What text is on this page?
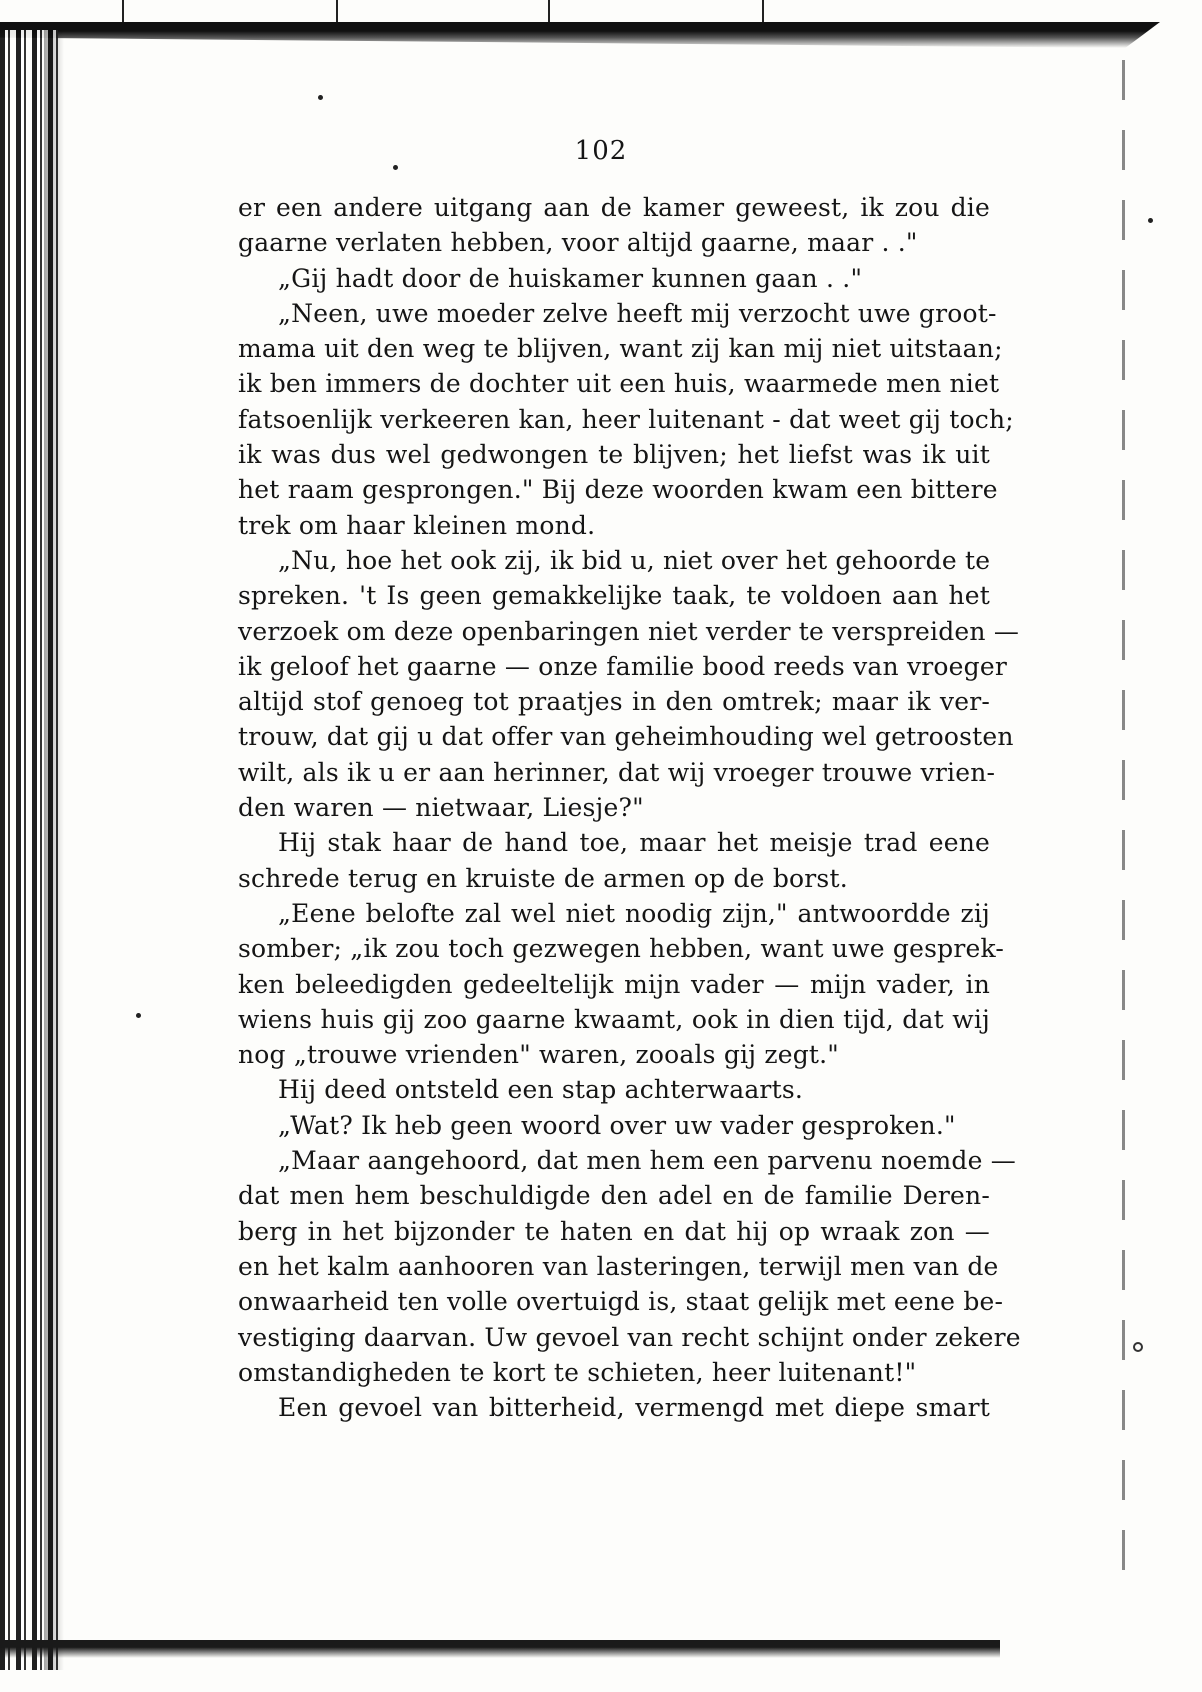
102
er een andere uitgang aan de kamer geweest, ik zou die
gaarne verlaten hebben, voor altijd gaarne, maar . ."
„Gij hadt door de huiskamer kunnen gaan . ."
„Neen, uwe moeder zelve heeft mij verzocht uwe groot-
mama uit den weg te blijven, want zij kan mij niet uitstaan;
ik ben immers de dochter uit een huis, waarmede men niet
fatsoenlijk verkeeren kan, heer luitenant - dat weet gij toch;
ik was dus wel gedwongen te blijven; het liefst was ik uit
het raam gesprongen." Bij deze woorden kwam een bittere
trek om haar kleinen mond.
„Nu, hoe het ook zij, ik bid u, niet over het gehoorde te
spreken. 't Is geen gemakkelijke taak, te voldoen aan het
verzoek om deze openbaringen niet verder te verspreiden —
ik geloof het gaarne — onze familie bood reeds van vroeger
altijd stof genoeg tot praatjes in den omtrek; maar ik ver-
trouw, dat gij u dat offer van geheimhouding wel getroosten
wilt, als ik u er aan herinner, dat wij vroeger trouwe vrien-
den waren — nietwaar, Liesje?"
Hij stak haar de hand toe, maar het meisje trad eene
schrede terug en kruiste de armen op de borst.
„Eene belofte zal wel niet noodig zijn," antwoordde zij
somber; „ik zou toch gezwegen hebben, want uwe gesprek-
ken beleedigden gedeeltelijk mijn vader — mijn vader, in
wiens huis gij zoo gaarne kwaamt, ook in dien tijd, dat wij
nog „trouwe vrienden" waren, zooals gij zegt."
Hij deed ontsteld een stap achterwaarts.
„Wat? Ik heb geen woord over uw vader gesproken."
„Maar aangehoord, dat men hem een parvenu noemde —
dat men hem beschuldigde den adel en de familie Deren-
berg in het bijzonder te haten en dat hij op wraak zon —
en het kalm aanhooren van lasteringen, terwijl men van de
onwaarheid ten volle overtuigd is, staat gelijk met eene be-
vestiging daarvan. Uw gevoel van recht schijnt onder zekere
omstandigheden te kort te schieten, heer luitenant!"
Een gevoel van bitterheid, vermengd met diepe smart
